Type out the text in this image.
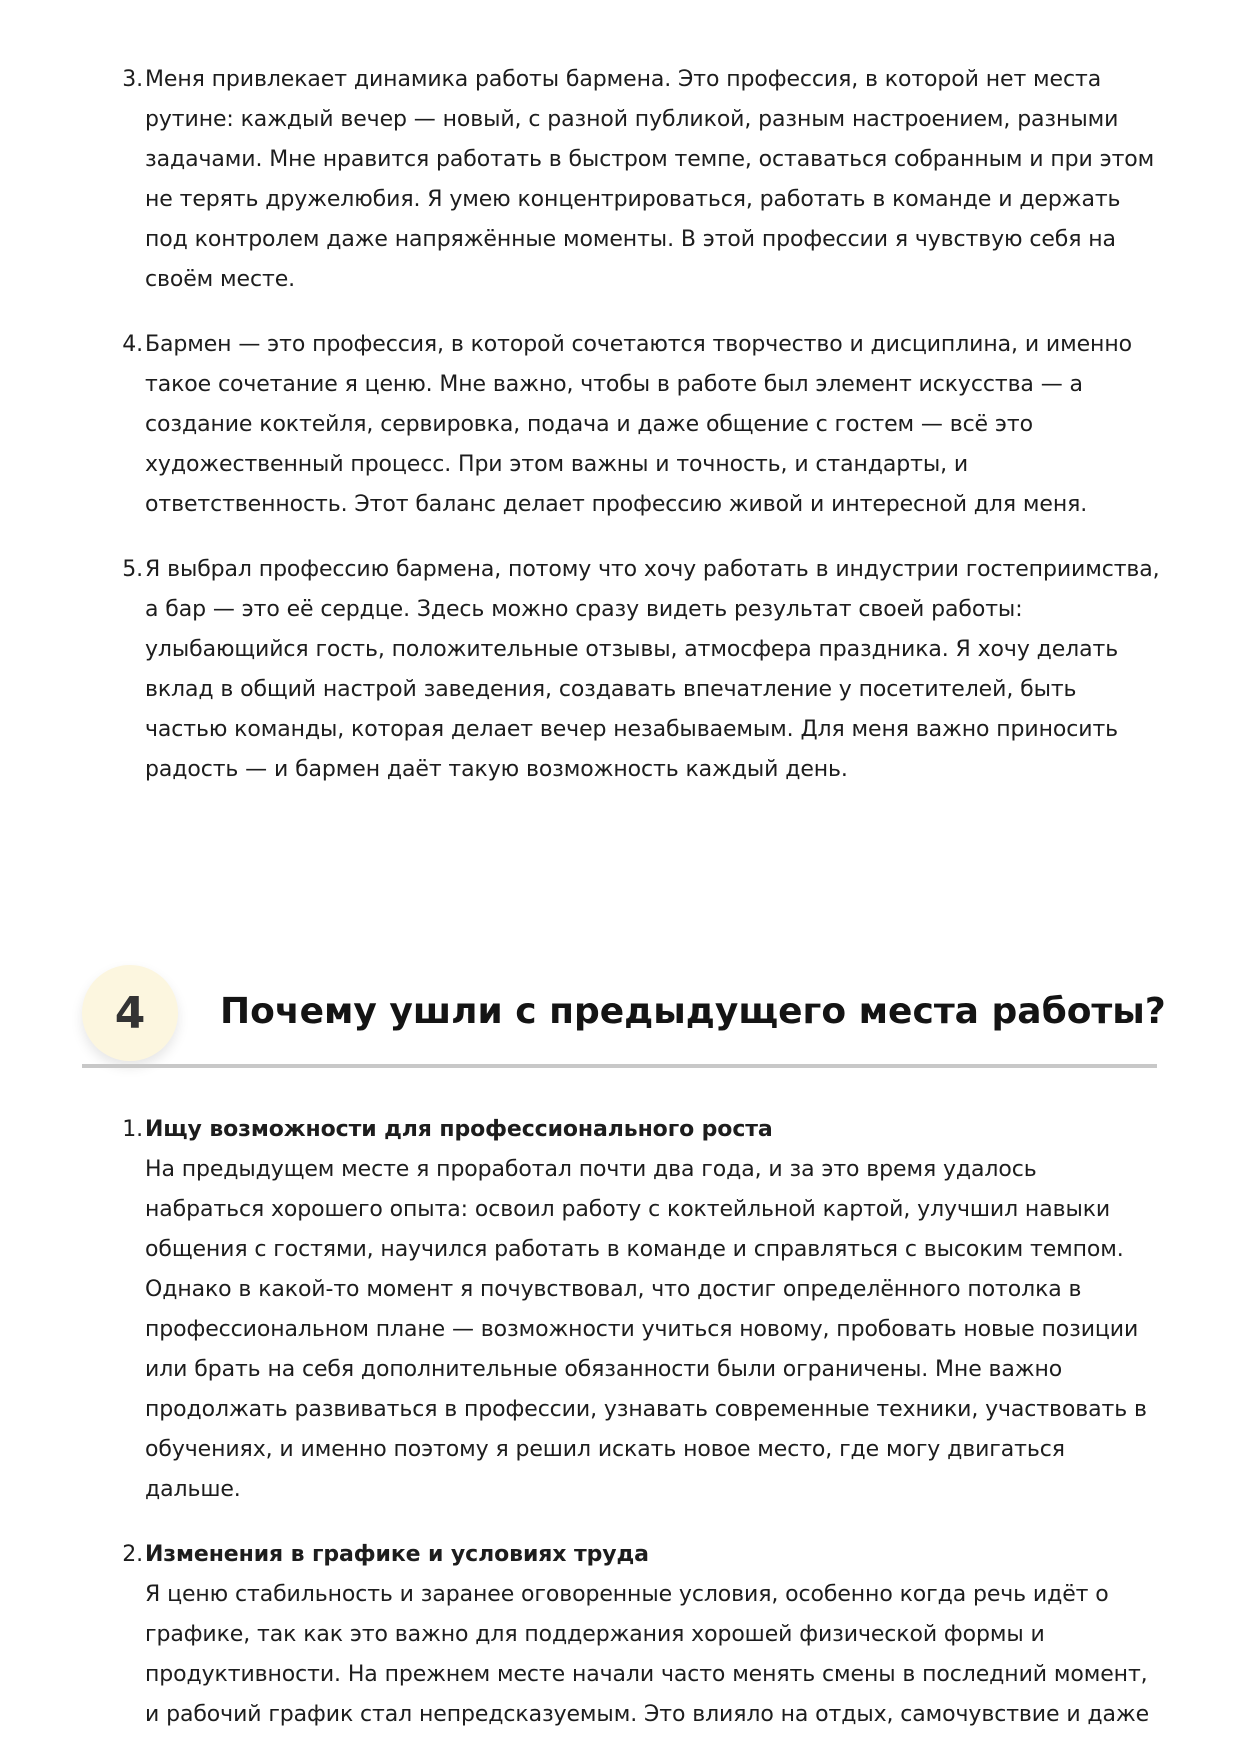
3. Меня привлекает динамика работы бармена. Это профессия, в которой нет места рутине: каждый вечер — новый, с разной публикой, разным настроением, разными задачами. Мне нравится работать в быстром темпе, оставаться собранным и при этом не терять дружелюбия. Я умею концентрироваться, работать в команде и держать под контролем даже напряжённые моменты. В этой профессии я чувствую себя на своём месте.
4. Бармен — это профессия, в которой сочетаются творчество и дисциплина, и именно такое сочетание я ценю. Мне важно, чтобы в работе был элемент искусства — а создание коктейля, сервировка, подача и даже общение с гостем — всё это художественный процесс. При этом важны и точность, и стандарты, и ответственность. Этот баланс делает профессию живой и интересной для меня.
5. Я выбрал профессию бармена, потому что хочу работать в индустрии гостеприимства, а бар — это её сердце. Здесь можно сразу видеть результат своей работы: улыбающийся гость, положительные отзывы, атмосфера праздника. Я хочу делать вклад в общий настрой заведения, создавать впечатление у посетителей, быть частью команды, которая делает вечер незабываемым. Для меня важно приносить радость — и бармен даёт такую возможность каждый день.
4	Почему ушли с предыдущего места работы?
1. Ищу возможности для профессионального роста
На предыдущем месте я проработал почти два года, и за это время удалось набраться хорошего опыта: освоил работу с коктейльной картой, улучшил навыки общения с гостями, научился работать в команде и справляться с высоким темпом. Однако в какой-то момент я почувствовал, что достиг определённого потолка в профессиональном плане — возможности учиться новому, пробовать новые позиции или брать на себя дополнительные обязанности были ограничены. Мне важно продолжать развиваться в профессии, узнавать современные техники, участвовать в обучениях, и именно поэтому я решил искать новое место, где могу двигаться дальше.
2. Изменения в графике и условиях труда
Я ценю стабильность и заранее оговоренные условия, особенно когда речь идёт о графике, так как это важно для поддержания хорошей физической формы и продуктивности. На прежнем месте начали часто менять смены в последний момент, и рабочий график стал непредсказуемым. Это влияло на отдых, самочувствие и даже
